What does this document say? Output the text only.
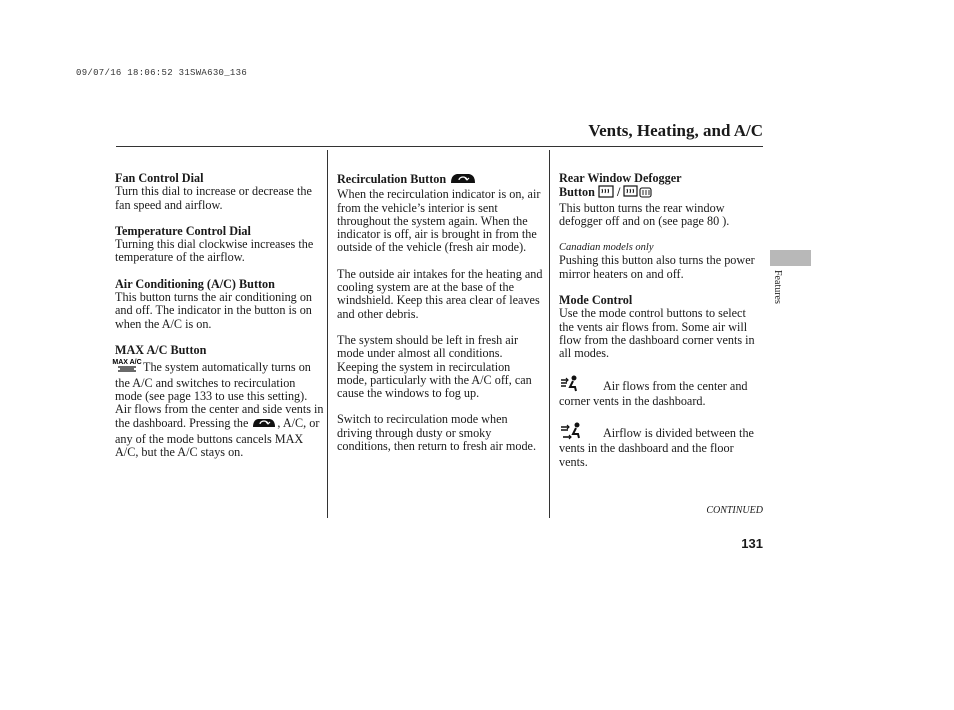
09/07/16 18:06:52 31SWA630_136
Vents, Heating, and A/C
Features
Fan Control Dial
Turn this dial to increase or decrease the fan speed and airflow.
Temperature Control Dial
Turning this dial clockwise increases the temperature of the airflow.
Air Conditioning (A/C) Button
This button turns the air conditioning on and off. The indicator in the button is on when the A/C is on.
MAX A/C Button
MAX A/C The system automatically turns on the A/C and switches to recirculation mode (see page 133 to use this setting). Air flows from the center and side vents in the dashboard. Pressing the , A/C, or any of the mode buttons cancels MAX A/C, but the A/C stays on.
Recirculation Button
When the recirculation indicator is on, air from the vehicle’s interior is sent throughout the system again. When the indicator is off, air is brought in from the outside of the vehicle (fresh air mode).
The outside air intakes for the heating and cooling system are at the base of the windshield. Keep this area clear of leaves and other debris.
The system should be left in fresh air mode under almost all conditions. Keeping the system in recirculation mode, particularly with the A/C off, can cause the windows to fog up.
Switch to recirculation mode when driving through dusty or smoky conditions, then return to fresh air mode.
Rear Window Defogger
Button /
This button turns the rear window defogger off and on (see page 80 ).
Canadian models only
Pushing this button also turns the power mirror heaters on and off.
Mode Control
Use the mode control buttons to select the vents air flows from. Some air will flow from the dashboard corner vents in all modes.
Air flows from the center and corner vents in the dashboard.
Airflow is divided between the vents in the dashboard and the floor vents.
CONTINUED
131
